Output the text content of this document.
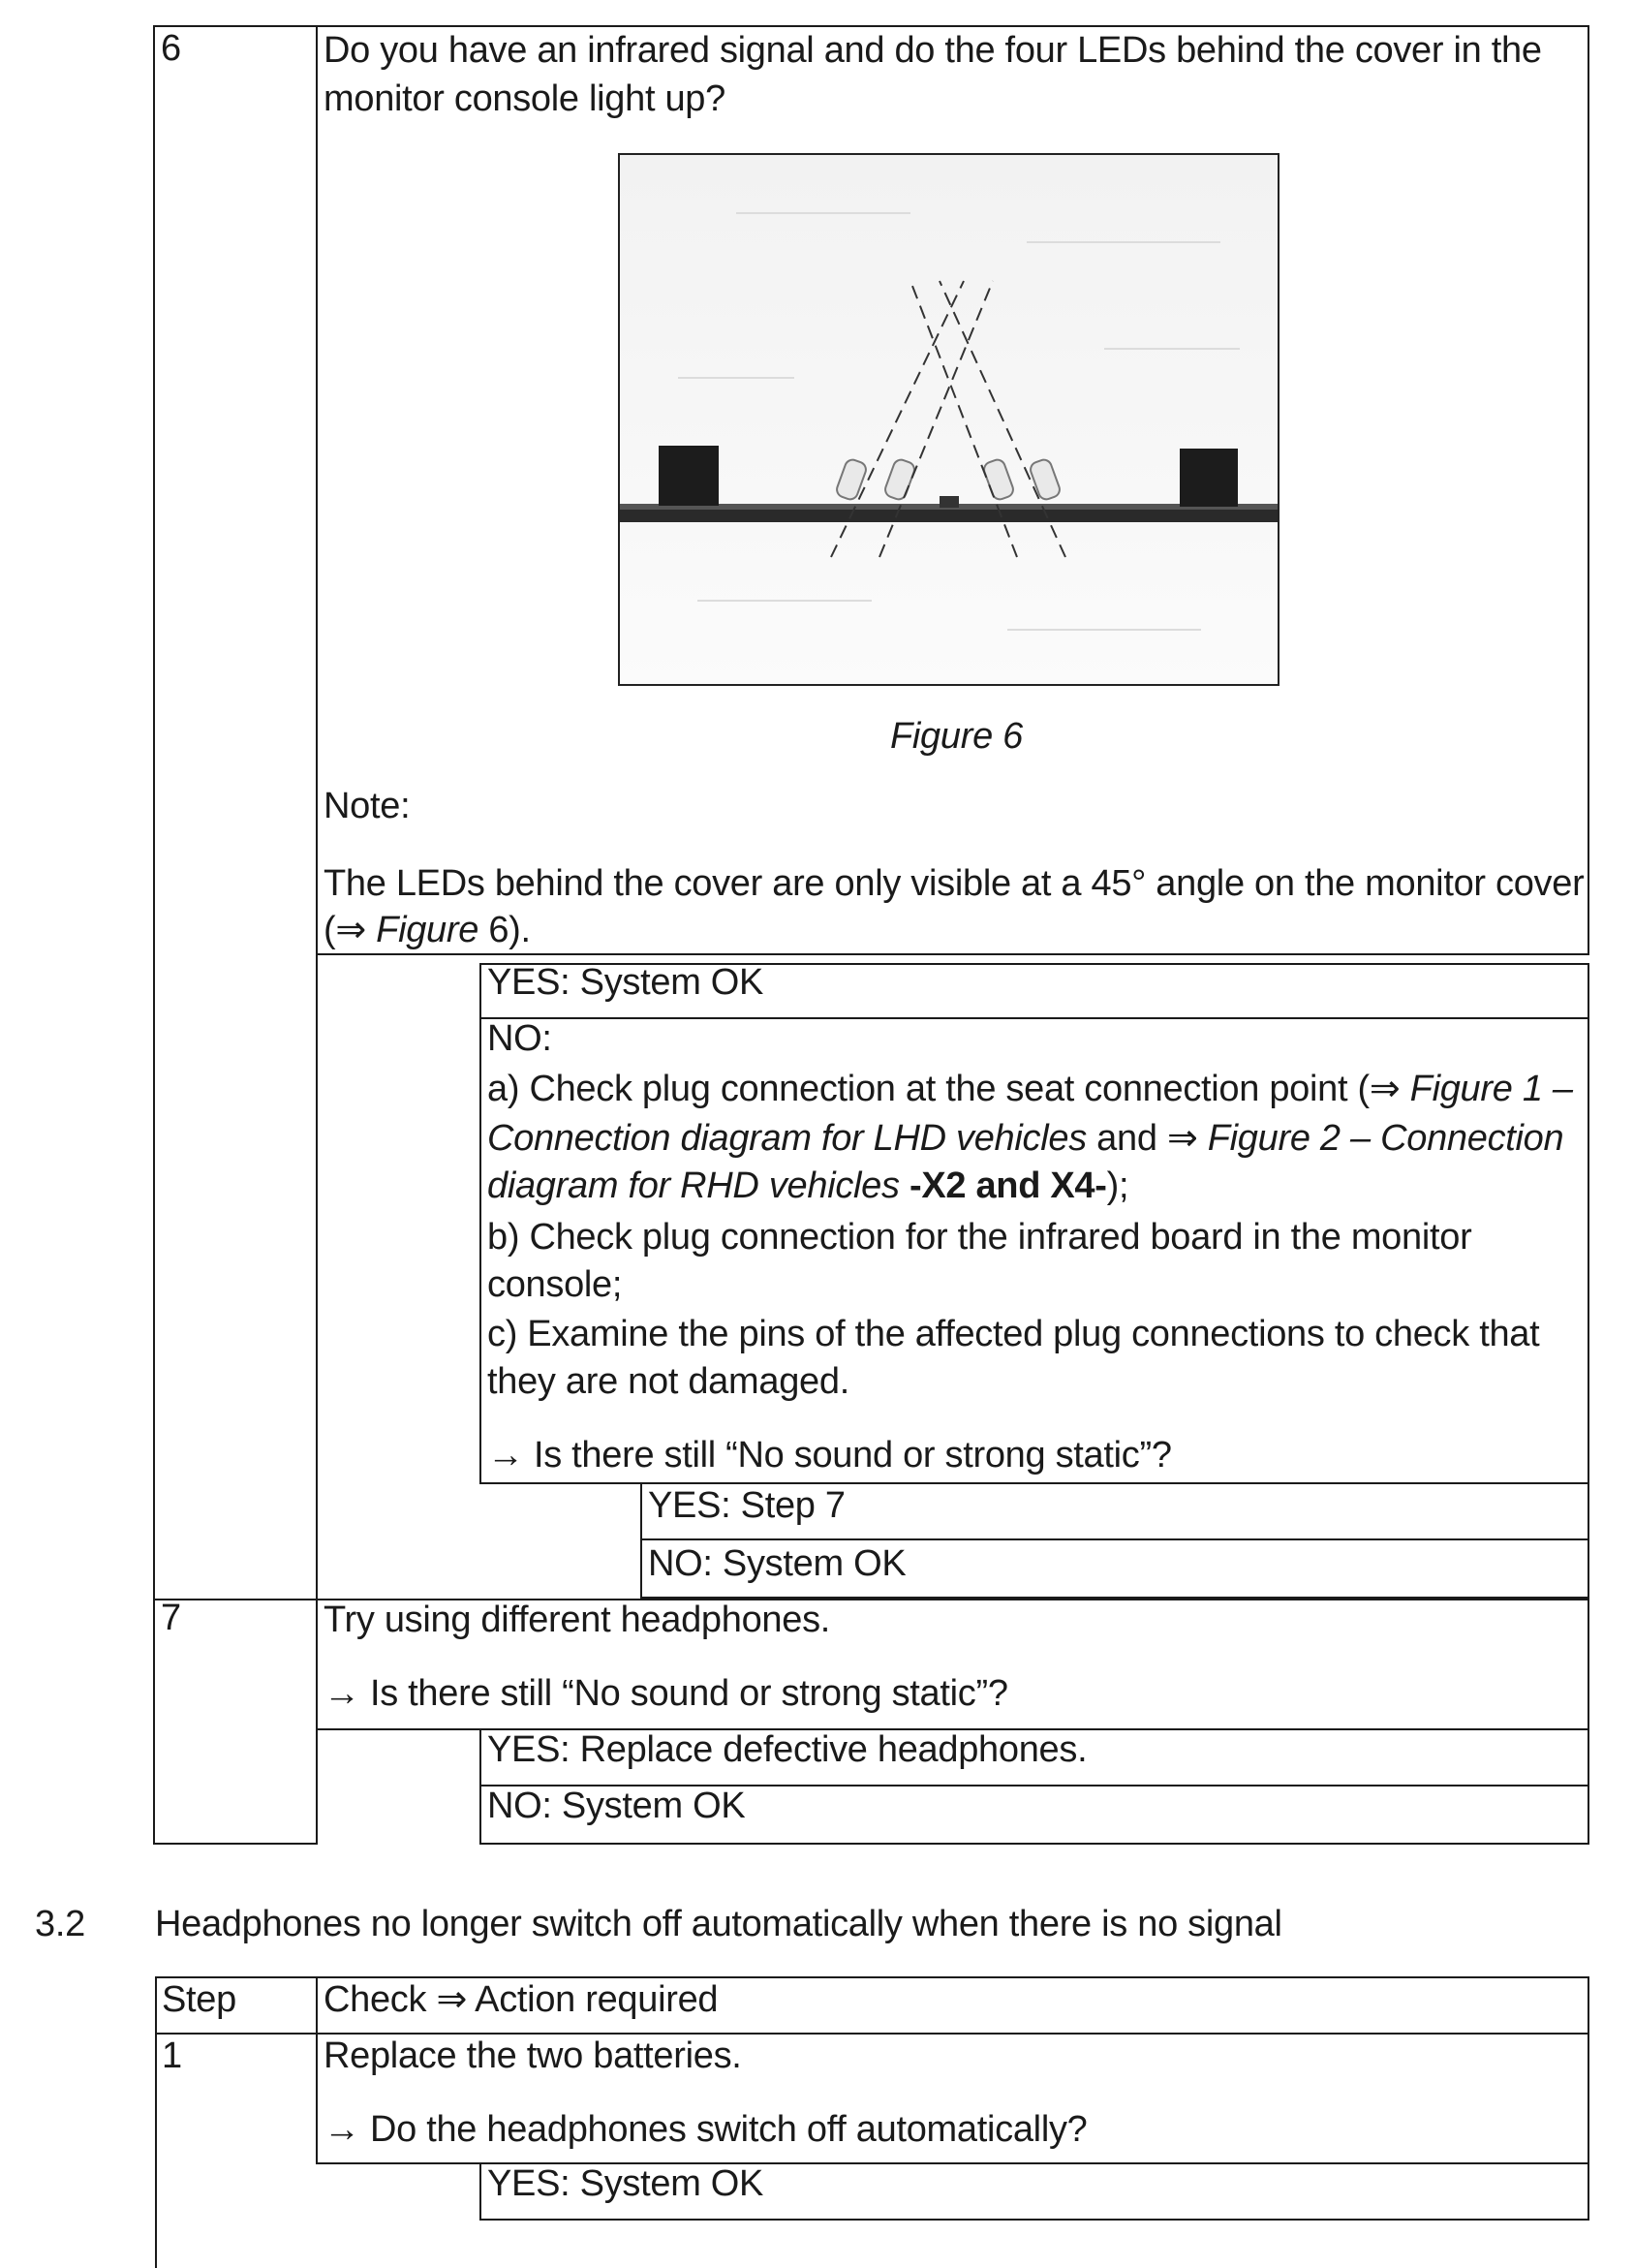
6	Do you have an infrared signal and do the four LEDs behind the cover in the
monitor console light up?
Figure 6
Note:
The LEDs behind the cover are only visible at a 45° angle on the monitor cover
(⇒ Figure 6).
YES: System OK
NO:
a) Check plug connection at the seat connection point (⇒ Figure 1 –
Connection diagram for LHD vehicles and ⇒ Figure 2 – Connection
diagram for RHD vehicles -X2 and X4-);
b) Check plug connection for the infrared board in the monitor
console;
c) Examine the pins of the affected plug connections to check that
they are not damaged.
→ Is there still “No sound or strong static”?
YES: Step 7
NO: System OK
7	Try using different headphones.
→ Is there still “No sound or strong static”?
YES: Replace defective headphones.
NO: System OK
3.2 Headphones no longer switch off automatically when there is no signal
Step Check ⇒ Action required
1	Replace the two batteries.
→ Do the headphones switch off automatically?
YES: System OK
